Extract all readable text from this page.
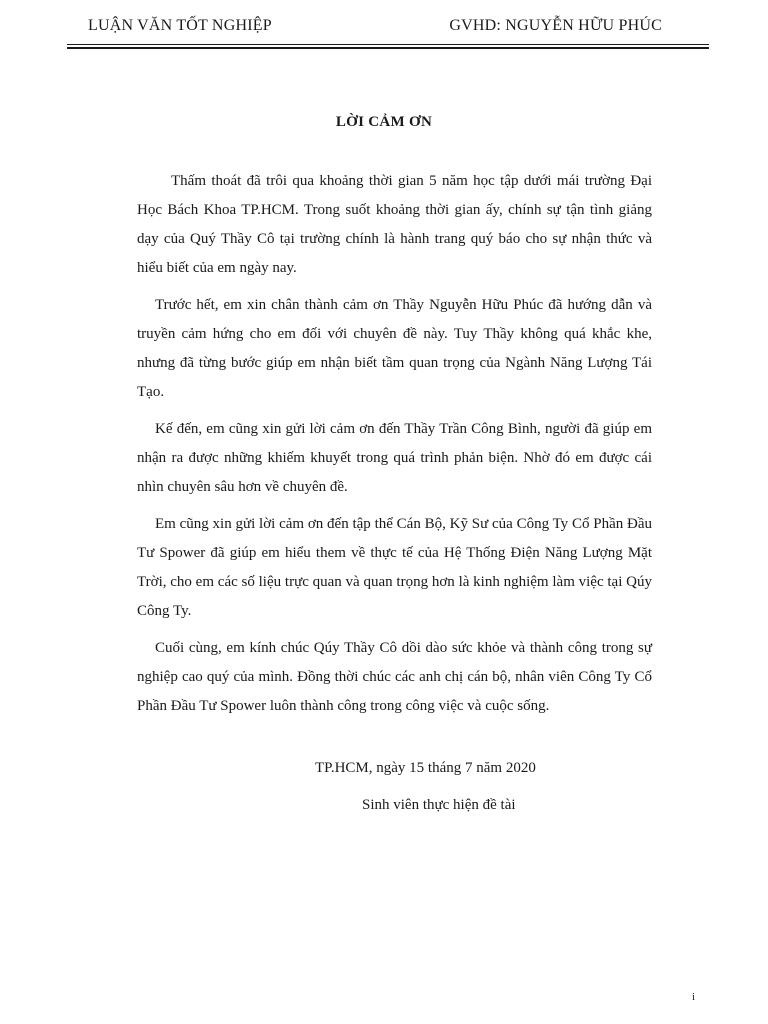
LUẬN VĂN TỐT NGHIỆP	GVHD: NGUYỄN HỮU PHÚC
LỜI CẢM ƠN

Thấm thoát đã trôi qua khoảng thời gian 5 năm học tập dưới mái trường Đại Học Bách Khoa TP.HCM. Trong suốt khoảng thời gian ấy, chính sự tận tình giảng dạy của Quý Thầy Cô tại trường chính là hành trang quý báo cho sự nhận thức và hiểu biết của em ngày nay.

Trước hết, em xin chân thành cảm ơn Thầy Nguyễn Hữu Phúc đã hướng dẫn và truyền cảm hứng cho em đối với chuyên đề này. Tuy Thầy không quá khắc khe, nhưng đã từng bước giúp em nhận biết tầm quan trọng của Ngành Năng Lượng Tái Tạo.

Kế đến, em cũng xin gửi lời cảm ơn đến Thầy Trần Công Bình, người đã giúp em nhận ra được những khiếm khuyết trong quá trình phản biện. Nhờ đó em được cái nhìn chuyên sâu hơn về chuyên đề.

Em cũng xin gửi lời cảm ơn đến tập thể Cán Bộ, Kỹ Sư của Công Ty Cổ Phần Đầu Tư Spower đã giúp em hiểu them về thực tế của Hệ Thống Điện Năng Lượng Mặt Trời, cho em các số liệu trực quan và quan trọng hơn là kinh nghiệm làm việc tại Qúy Công Ty.

Cuối cùng, em kính chúc Qúy Thầy Cô dồi dào sức khỏe và thành công trong sự nghiệp cao quý của mình. Đồng thời chúc các anh chị cán bộ, nhân viên Công Ty Cổ Phần Đầu Tư Spower luôn thành công trong công việc và cuộc sống.

TP.HCM, ngày 15 tháng 7 năm 2020
Sinh viên thực hiện đề tài
i
